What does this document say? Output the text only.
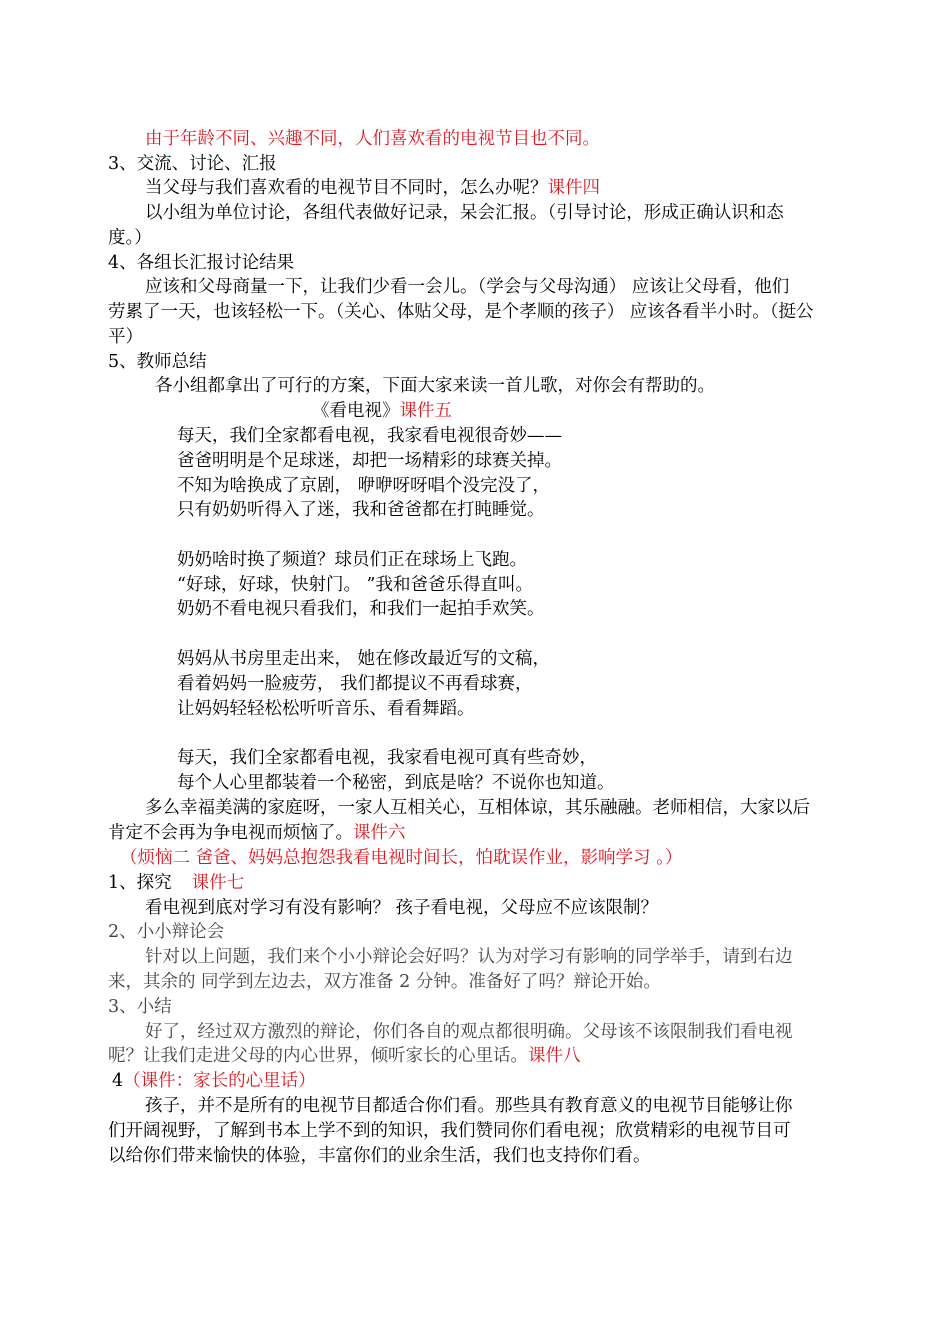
由于年龄不同、兴趣不同，人们喜欢看的电视节目也不同。
3、交流、讨论、汇报
当父母与我们喜欢看的电视节目不同时，怎么办呢？课件四
以小组为单位讨论，各组代表做好记录，呆会汇报。（引导讨论，形成正确认识和态
度。）
4、各组长汇报讨论结果
应该和父母商量一下，让我们少看一会儿。（学会与父母沟通） 应该让父母看，他们
劳累了一天，也该轻松一下。（关心、体贴父母，是个孝顺的孩子） 应该各看半小时。（挺公
平）
5、教师总结
各小组都拿出了可行的方案，下面大家来读一首儿歌，对你会有帮助的。
《看电视》课件五
每天，我们全家都看电视，我家看电视很奇妙——
爸爸明明是个足球迷，却把一场精彩的球赛关掉。
不知为啥换成了京剧， 咿咿呀呀唱个没完没了，
只有奶奶听得入了迷，我和爸爸都在打盹睡觉。
奶奶啥时换了频道？球员们正在球场上飞跑。
“好球，好球，快射门。 ”我和爸爸乐得直叫。
奶奶不看电视只看我们，和我们一起拍手欢笑。
妈妈从书房里走出来， 她在修改最近写的文稿，
看着妈妈一脸疲劳， 我们都提议不再看球赛，
让妈妈轻轻松松听听音乐、看看舞蹈。
每天，我们全家都看电视，我家看电视可真有些奇妙，
每个人心里都装着一个秘密，到底是啥？不说你也知道。
多么幸福美满的家庭呀，一家人互相关心，互相体谅，其乐融融。老师相信，大家以后
肯定不会再为争电视而烦恼了。课件六
（烦恼二 爸爸、妈妈总抱怨我看电视时间长，怕耽误作业，影响学习 。）
1、探究 课件七
看电视到底对学习有没有影响？ 孩子看电视，父母应不应该限制？
2、小小辩论会
针对以上问题，我们来个小小辩论会好吗？认为对学习有影响的同学举手，请到右边
来，其余的 同学到左边去，双方准备 2 分钟。准备好了吗？辩论开始。
3、小结
好了，经过双方激烈的辩论，你们各自的观点都很明确。父母该不该限制我们看电视
呢？让我们走进父母的内心世界，倾听家长的心里话。课件八
4（课件：家长的心里话）
孩子，并不是所有的电视节目都适合你们看。那些具有教育意义的电视节目能够让你
们开阔视野，了解到书本上学不到的知识，我们赞同你们看电视；欣赏精彩的电视节目可
以给你们带来愉快的体验，丰富你们的业余生活，我们也支持你们看。
